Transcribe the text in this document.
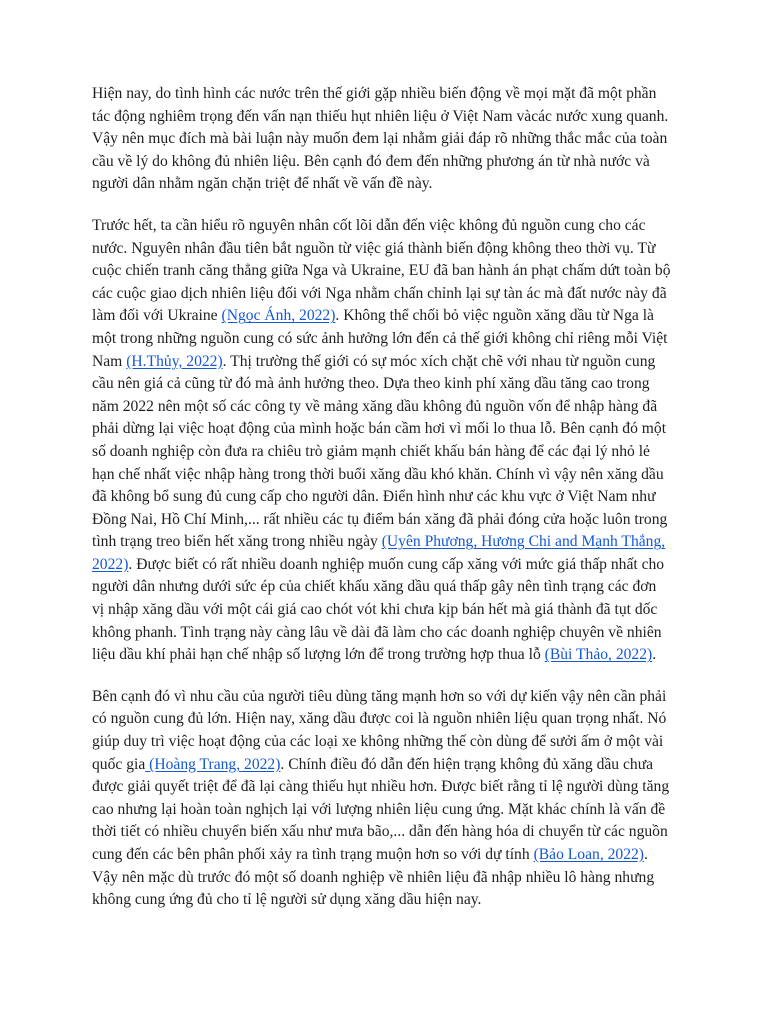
Hiện nay, do tình hình các nước trên thế giới gặp nhiều biến động về mọi mặt đã một phần tác động nghiêm trọng đến vấn nạn thiếu hụt nhiên liệu ở Việt Nam vàcác nước xung quanh. Vậy nên mục đích mà bài luận này muốn đem lại nhằm giải đáp rõ những thắc mắc của toàn cầu về lý do không đủ nhiên liệu. Bên cạnh đó đem đến những phương án từ nhà nước và người dân nhằm ngăn chặn triệt để nhất về vấn đề này.

Trước hết, ta cần hiểu rõ nguyên nhân cốt lõi dẫn đến việc không đủ nguồn cung cho các nước. Nguyên nhân đầu tiên bắt nguồn từ việc giá thành biến động không theo thời vụ. Từ cuộc chiến tranh căng thẳng giữa Nga và Ukraine, EU đã ban hành án phạt chấm dứt toàn bộ các cuộc giao dịch nhiên liệu đối với Nga nhằm chấn chỉnh lại sự tàn ác mà đất nước này đã làm đối với Ukraine (Ngọc Ánh, 2022). Không thể chối bỏ việc nguồn xăng dầu từ Nga là một trong những nguồn cung có sức ảnh hưởng lớn đến cả thế giới không chỉ riêng mỗi Việt Nam (H.Thủy, 2022). Thị trường thế giới có sự móc xích chặt chẽ với nhau từ nguồn cung cầu nên giá cả cũng từ đó mà ảnh hưởng theo. Dựa theo kinh phí xăng dầu tăng cao trong năm 2022 nên một số các công ty về mảng xăng dầu không đủ nguồn vốn để nhập hàng đã phải dừng lại việc hoạt động của mình hoặc bán cầm hơi vì mối lo thua lỗ. Bên cạnh đó một số doanh nghiệp còn đưa ra chiêu trò giảm mạnh chiết khấu bán hàng để các đại lý nhỏ lẻ hạn chế nhất việc nhập hàng trong thời buổi xăng dầu khó khăn. Chính vì vậy nên xăng dầu đã không bổ sung đủ cung cấp cho người dân. Điển hình như các khu vực ở Việt Nam như Đồng Nai, Hồ Chí Minh,... rất nhiều các tụ điểm bán xăng đã phải đóng cửa hoặc luôn trong tình trạng treo biển hết xăng trong nhiều ngày (Uyên Phương, Hương Chi and Mạnh Thắng, 2022). Được biết có rất nhiều doanh nghiệp muốn cung cấp xăng với mức giá thấp nhất cho người dân nhưng dưới sức ép của chiết khấu xăng dầu quá thấp gây nên tình trạng các đơn vị nhập xăng dầu với một cái giá cao chót vót khi chưa kịp bán hết mà giá thành đã tụt dốc không phanh. Tình trạng này càng lâu về dài đã làm cho các doanh nghiệp chuyên về nhiên liệu dầu khí phải hạn chế nhập số lượng lớn để trong trường hợp thua lỗ (Bùi Thảo, 2022).

Bên cạnh đó vì nhu cầu của người tiêu dùng tăng mạnh hơn so với dự kiến vậy nên cần phải có nguồn cung đủ lớn. Hiện nay, xăng dầu được coi là nguồn nhiên liệu quan trọng nhất. Nó giúp duy trì việc hoạt động của các loại xe không những thế còn dùng để sưởi ấm ở một vài quốc gia (Hoàng Trang, 2022). Chính điều đó dẫn đến hiện trạng không đủ xăng dầu chưa được giải quyết triệt để đã lại càng thiếu hụt nhiều hơn. Được biết rằng tỉ lệ người dùng tăng cao nhưng lại hoàn toàn nghịch lại với lượng nhiên liệu cung ứng. Mặt khác chính là vấn đề thời tiết có nhiều chuyển biến xấu như mưa bão,... dẫn đến hàng hóa di chuyển từ các nguồn cung đến các bên phân phối xảy ra tình trạng muộn hơn so với dự tính (Bảo Loan, 2022). Vậy nên mặc dù trước đó một số doanh nghiệp về nhiên liệu đã nhập nhiều lô hàng nhưng không cung ứng đủ cho tỉ lệ người sử dụng xăng dầu hiện nay.
